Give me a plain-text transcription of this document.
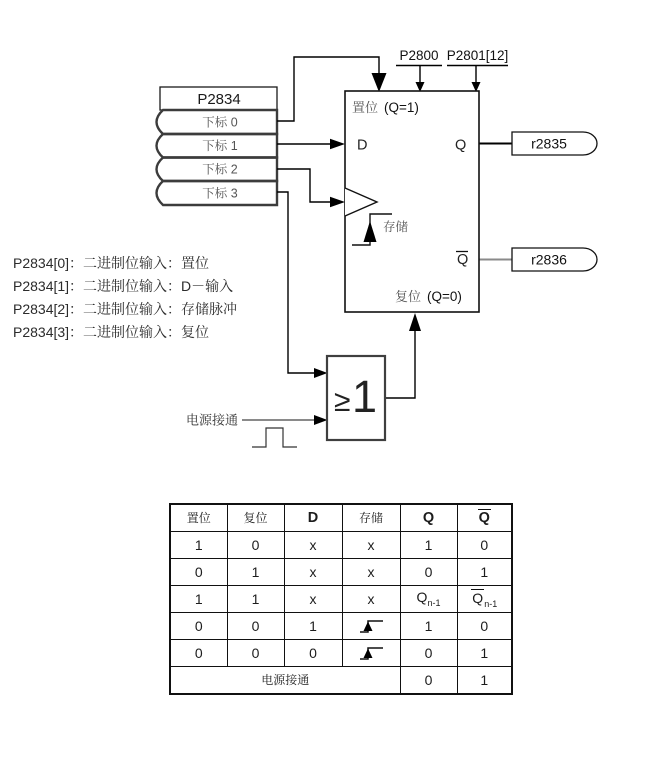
P2834
下标 0
下标 1
下标 2
下标 3
P2800 P2801[12]
置位 (Q=1)
D	Q
Q
存储
复位 (Q=0)
r2835
r2836
≥ 1
电源接通
P2834[0]：二进制位输入：置位
P2834[1]：二进制位输入：D－输入
P2834[2]：二进制位输入：存储脉冲
P2834[3]：二进制位输入：复位
置位	复位	D	存储	Q	Q
1	0	x	x	1	0
0	1	x	x	0	1
1	1	x	x	$Q_{n-1}$	$Q_{n-1}$
0	0	1		1	0
0	0	0		0	1
电源接通				0	1
